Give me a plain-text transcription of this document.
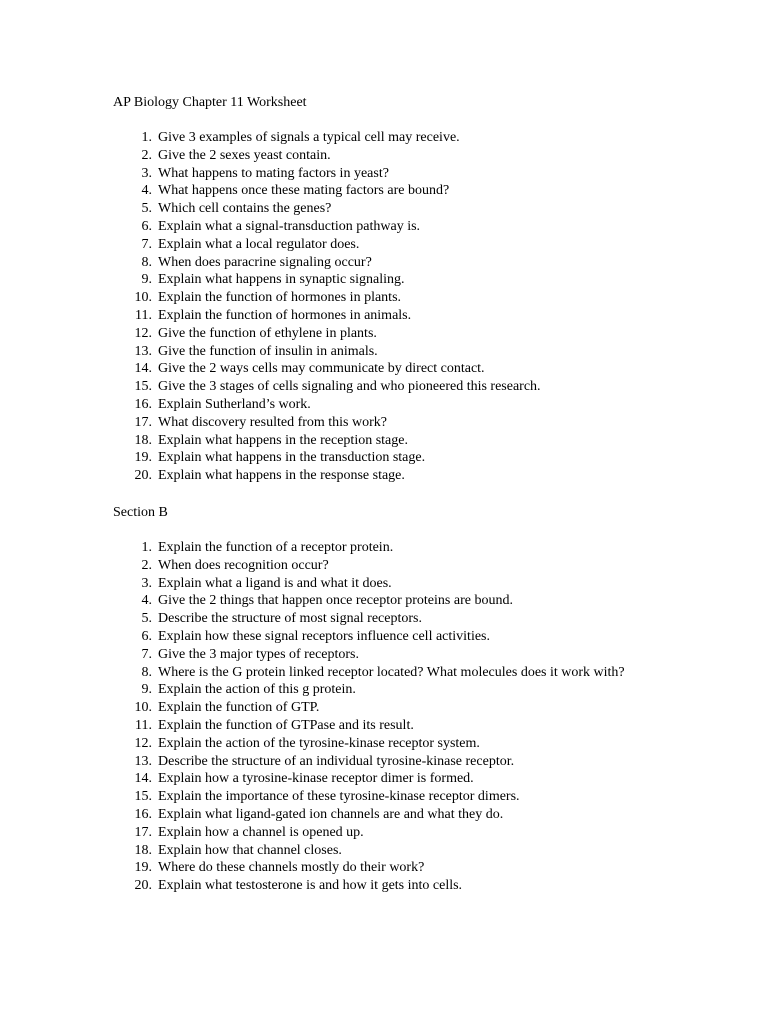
AP Biology Chapter 11 Worksheet
1. Give 3 examples of signals a typical cell may receive.
2. Give the 2 sexes yeast contain.
3. What happens to mating factors in yeast?
4. What happens once these mating factors are bound?
5. Which cell contains the genes?
6. Explain what a signal-transduction pathway is.
7. Explain what a local regulator does.
8. When does paracrine signaling occur?
9. Explain what happens in synaptic signaling.
10. Explain the function of hormones in plants.
11. Explain the function of hormones in animals.
12. Give the function of ethylene in plants.
13. Give the function of insulin in animals.
14. Give the 2 ways cells may communicate by direct contact.
15. Give the 3 stages of cells signaling and who pioneered this research.
16. Explain Sutherland’s work.
17. What discovery resulted from this work?
18. Explain what happens in the reception stage.
19. Explain what happens in the transduction stage.
20. Explain what happens in the response stage.
Section B
1. Explain the function of a receptor protein.
2. When does recognition occur?
3. Explain what a ligand is and what it does.
4. Give the 2 things that happen once receptor proteins are bound.
5. Describe the structure of most signal receptors.
6. Explain how these signal receptors influence cell activities.
7. Give the 3 major types of receptors.
8. Where is the G protein linked receptor located? What molecules does it work with?
9. Explain the action of this g protein.
10. Explain the function of GTP.
11. Explain the function of GTPase and its result.
12. Explain the action of the tyrosine-kinase receptor system.
13. Describe the structure of an individual tyrosine-kinase receptor.
14. Explain how a tyrosine-kinase receptor dimer is formed.
15. Explain the importance of these tyrosine-kinase receptor dimers.
16. Explain what ligand-gated ion channels are and what they do.
17. Explain how a channel is opened up.
18. Explain how that channel closes.
19. Where do these channels mostly do their work?
20. Explain what testosterone is and how it gets into cells.
